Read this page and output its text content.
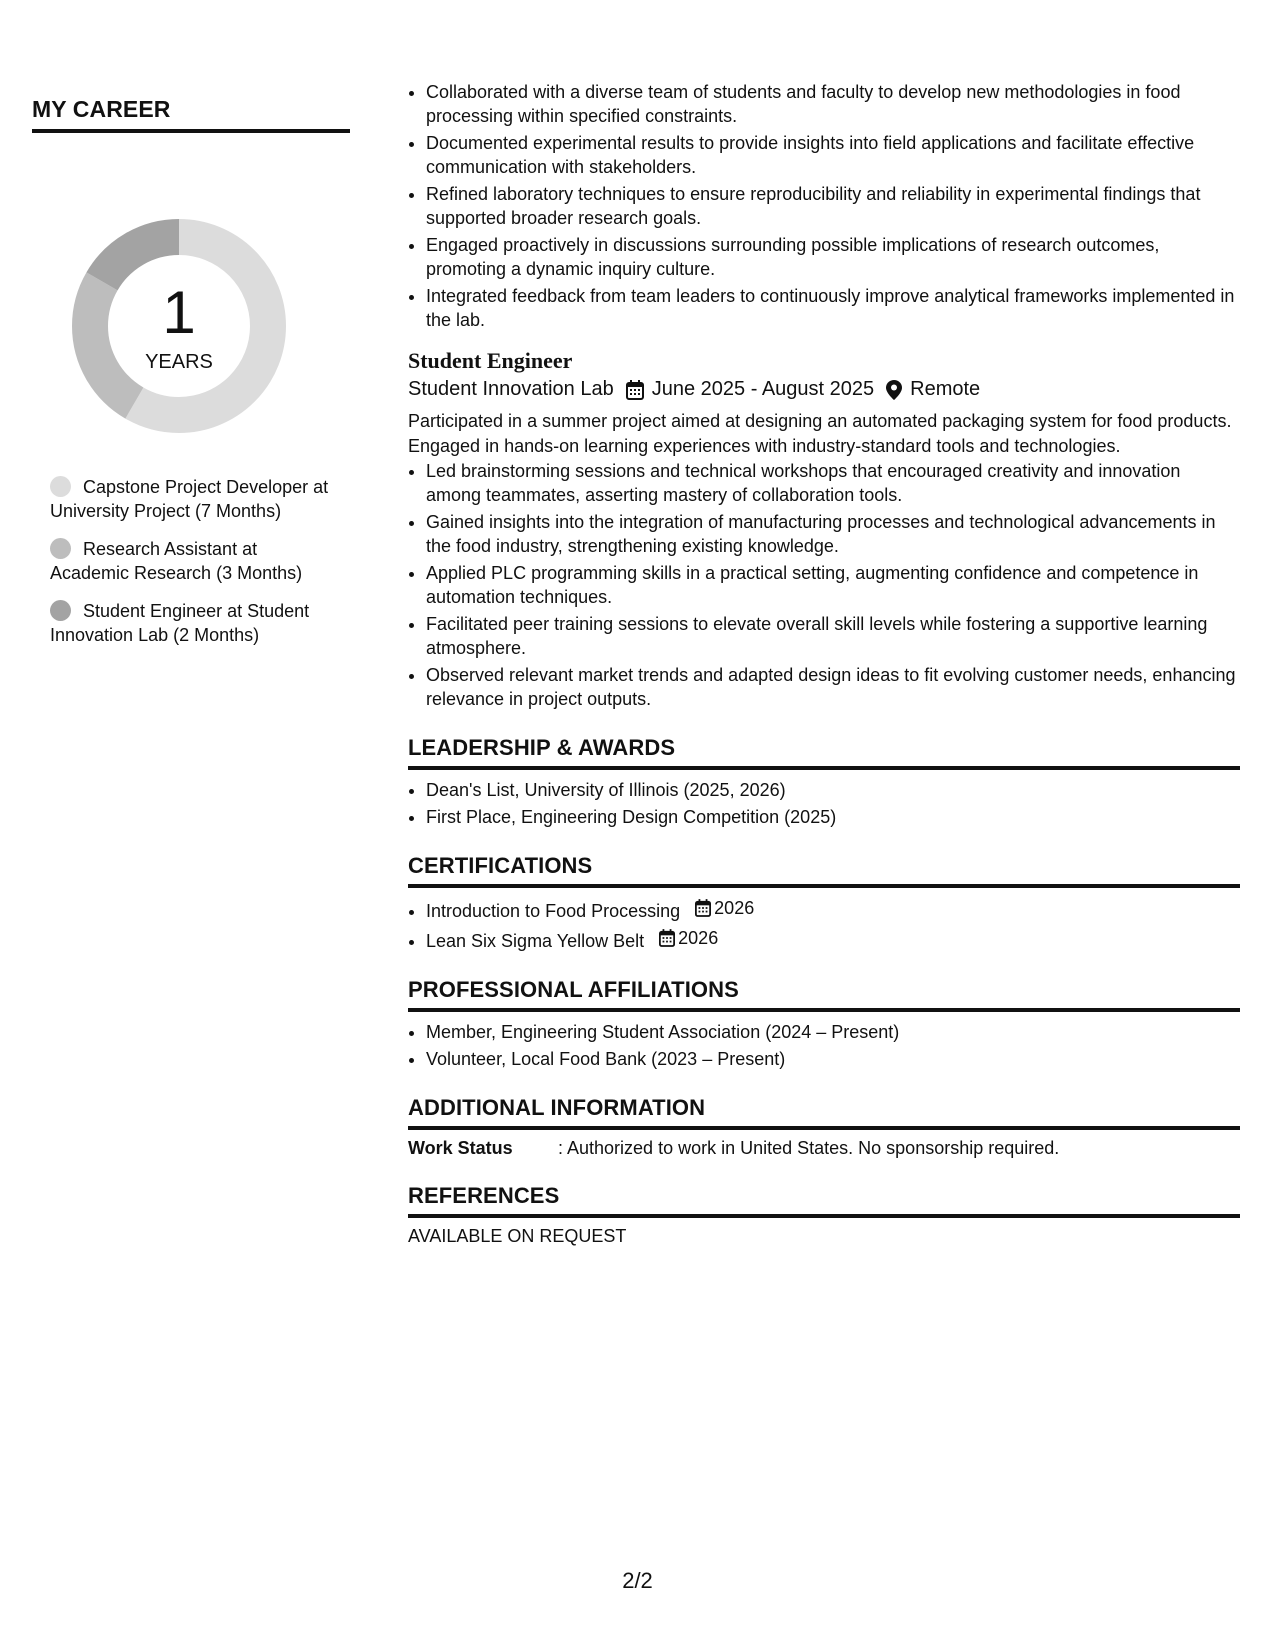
MY CAREER
1
YEARS
Capstone Project Developer at University Project (7 Months)
Research Assistant at Academic Research (3 Months)
Student Engineer at Student Innovation Lab (2 Months)
• Collaborated with a diverse team of students and faculty to develop new methodologies in food processing within specified constraints.
• Documented experimental results to provide insights into field applications and facilitate effective communication with stakeholders.
• Refined laboratory techniques to ensure reproducibility and reliability in experimental findings that supported broader research goals.
• Engaged proactively in discussions surrounding possible implications of research outcomes, promoting a dynamic inquiry culture.
• Integrated feedback from team leaders to continuously improve analytical frameworks implemented in the lab.
Student Engineer
Student Innovation Lab June 2025 - August 2025 Remote

Participated in a summer project aimed at designing an automated packaging system for food products. Engaged in hands-on learning experiences with industry-standard tools and technologies.

• Led brainstorming sessions and technical workshops that encouraged creativity and innovation among teammates, asserting mastery of collaboration tools.
• Gained insights into the integration of manufacturing processes and technological advancements in the food industry, strengthening existing knowledge.
• Applied PLC programming skills in a practical setting, augmenting confidence and competence in automation techniques.
• Facilitated peer training sessions to elevate overall skill levels while fostering a supportive learning atmosphere.
• Observed relevant market trends and adapted design ideas to fit evolving customer needs, enhancing relevance in project outputs.
LEADERSHIP & AWARDS
• Dean's List, University of Illinois (2025, 2026)
• First Place, Engineering Design Competition (2025)
CERTIFICATIONS
• Introduction to Food Processing 2026
• Lean Six Sigma Yellow Belt 2026
PROFESSIONAL AFFILIATIONS
• Member, Engineering Student Association (2024 – Present)
• Volunteer, Local Food Bank (2023 – Present)
ADDITIONAL INFORMATION
Work Status	: Authorized to work in United States. No sponsorship required.
REFERENCES
AVAILABLE ON REQUEST
2/2
